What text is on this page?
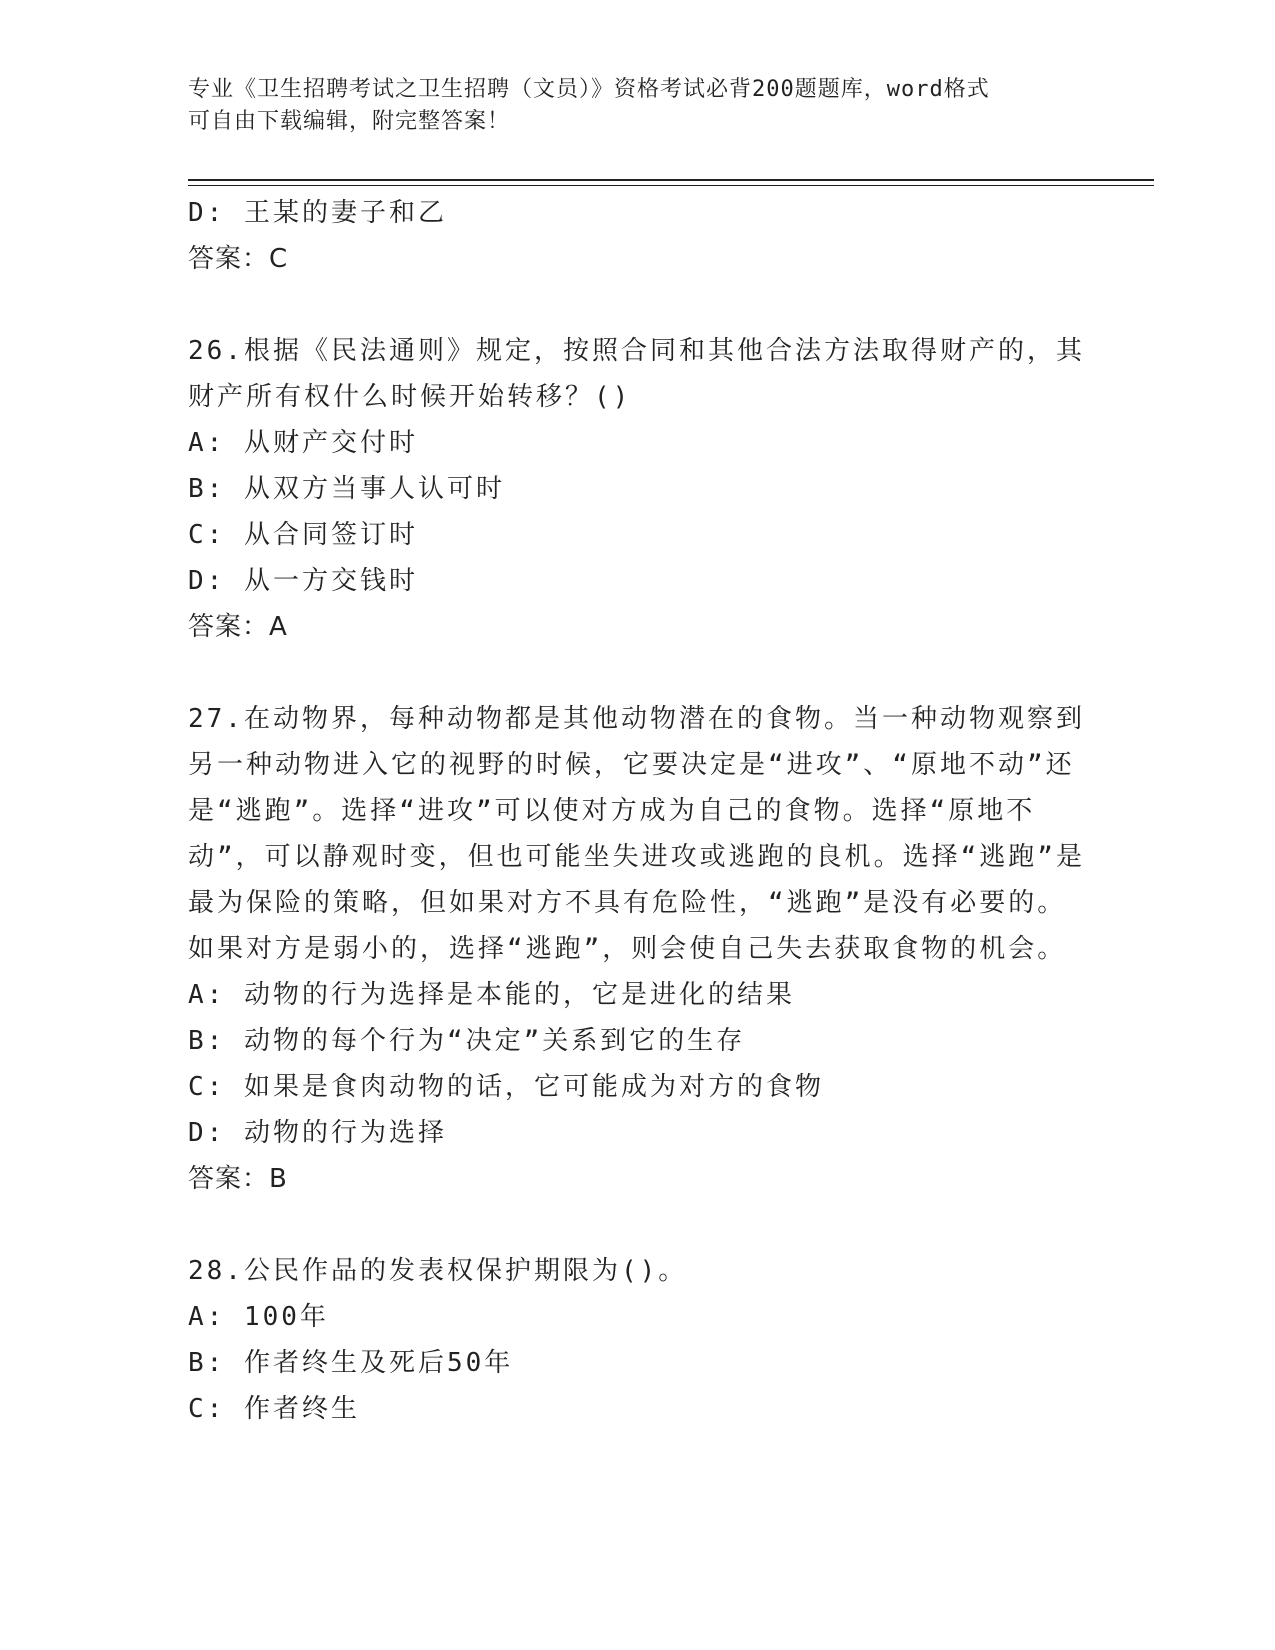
专业《卫生招聘考试之卫生招聘（文员）》资格考试必背200题题库，word格式
可自由下载编辑，附完整答案！
D: 王某的妻子和乙
答案：C
26.根据《民法通则》规定，按照合同和其他合法方法取得财产的，其财产所有权什么时候开始转移？()
A: 从财产交付时
B: 从双方当事人认可时
C: 从合同签订时
D: 从一方交钱时
答案：A
27.在动物界，每种动物都是其他动物潜在的食物。当一种动物观察到另一种动物进入它的视野的时候，它要决定是“进攻”、“原地不动”还是“逃跑”。选择“进攻”可以使对方成为自己的食物。选择“原地不动”，可以静观时变，但也可能坐失进攻或逃跑的良机。选择“逃跑”是最为保险的策略，但如果对方不具有危险性，“逃跑”是没有必要的。如果对方是弱小的，选择“逃跑”，则会使自己失去获取食物的机会。
A: 动物的行为选择是本能的，它是进化的结果
B: 动物的每个行为“决定”关系到它的生存
C: 如果是食肉动物的话，它可能成为对方的食物
D: 动物的行为选择
答案：B
28.公民作品的发表权保护期限为()。
A: 100年
B: 作者终生及死后50年
C: 作者终生
